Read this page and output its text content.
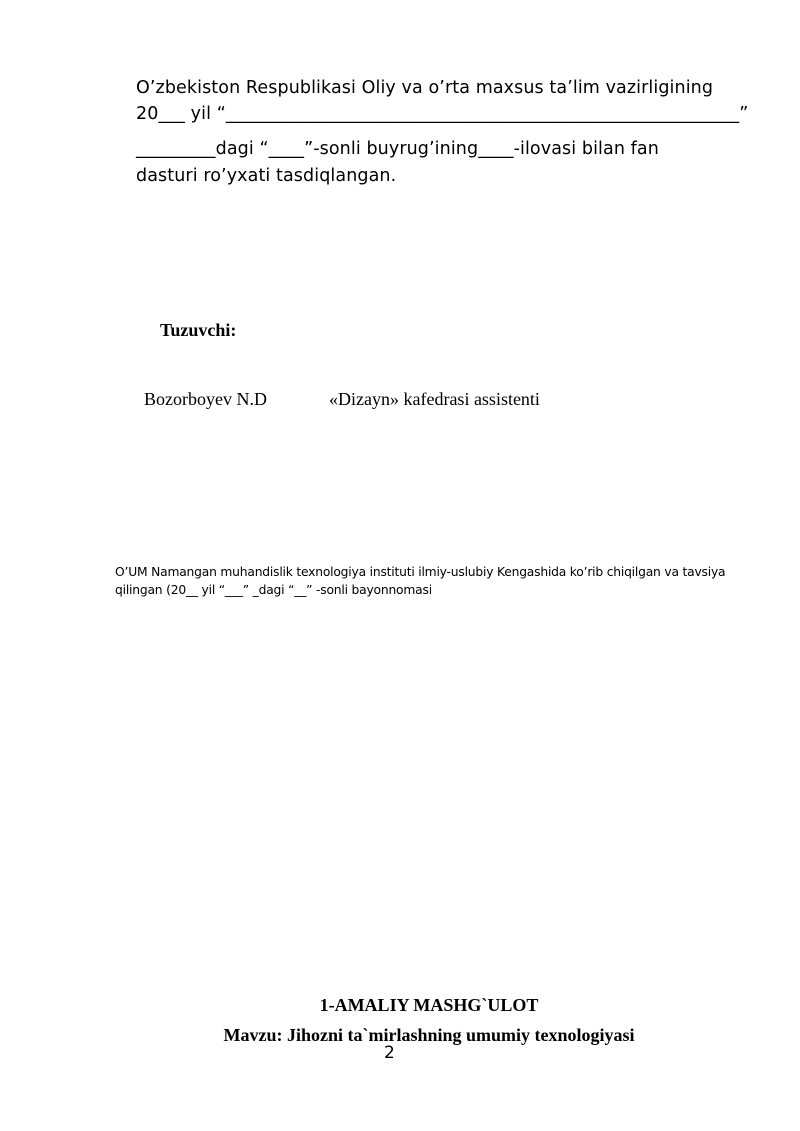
O’zbekiston Respublikasi Oliy va o’rta maxsus ta’lim vazirligining
20___ yil “__________________________________________________________”
_________dagi “____”-sonli buyrug’ining____-ilovasi bilan fan
dasturi ro’yxati tasdiqlangan.
Tuzuvchi:
Bozorboyev N.D	«Dizayn» kafedrasi assistenti
O’UM Namangan muhandislik texnologiya instituti ilmiy-uslubiy Kengashida ko’rib chiqilgan va tavsiya
qilingan (20__ yil “___” _dagi “__” -sonli bayonnomasi
1-AMALIY MASHG`ULOT
Mavzu: Jihozni ta`mirlashning umumiy texnologiyasi
2
